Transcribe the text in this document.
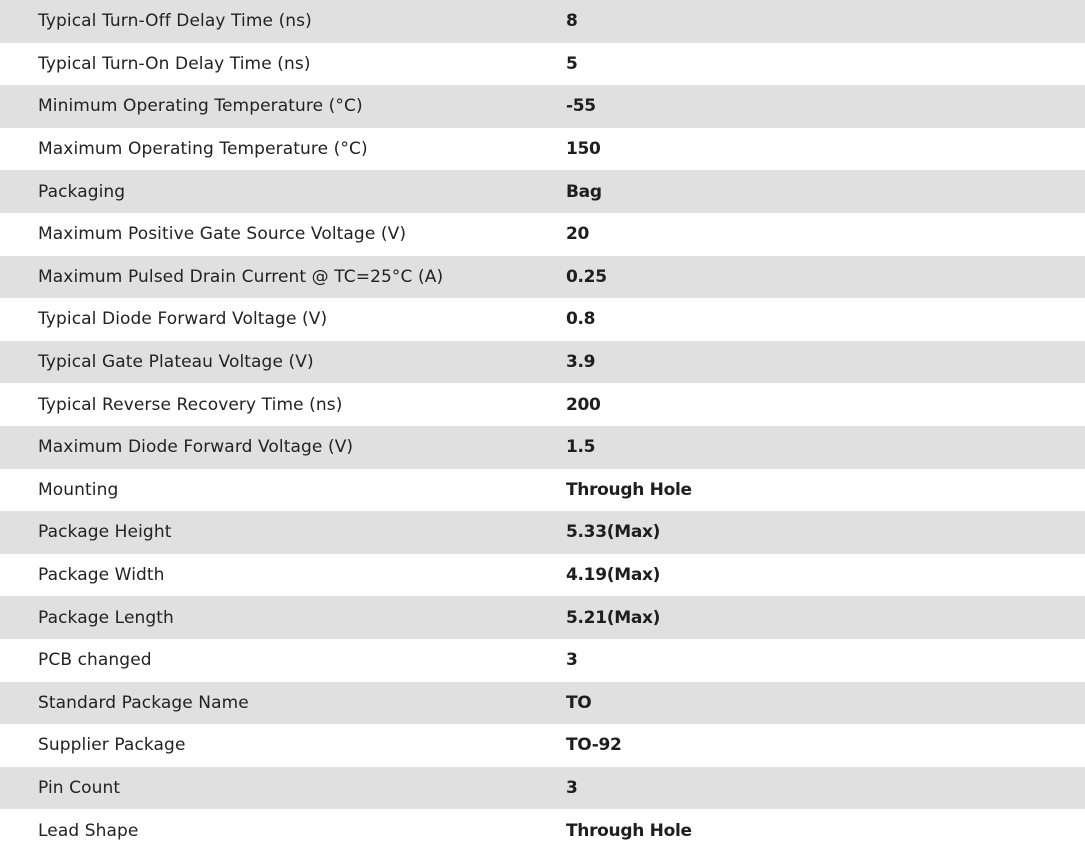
Typical Turn-Off Delay Time (ns)	8
Typical Turn-On Delay Time (ns)	5
Minimum Operating Temperature (°C)	-55
Maximum Operating Temperature (°C)	150
Packaging	Bag
Maximum Positive Gate Source Voltage (V)	20
Maximum Pulsed Drain Current @ TC=25°C (A)	0.25
Typical Diode Forward Voltage (V)	0.8
Typical Gate Plateau Voltage (V)	3.9
Typical Reverse Recovery Time (ns)	200
Maximum Diode Forward Voltage (V)	1.5
Mounting	Through Hole
Package Height	5.33(Max)
Package Width	4.19(Max)
Package Length	5.21(Max)
PCB changed	3
Standard Package Name	TO
Supplier Package	TO-92
Pin Count	3
Lead Shape	Through Hole
